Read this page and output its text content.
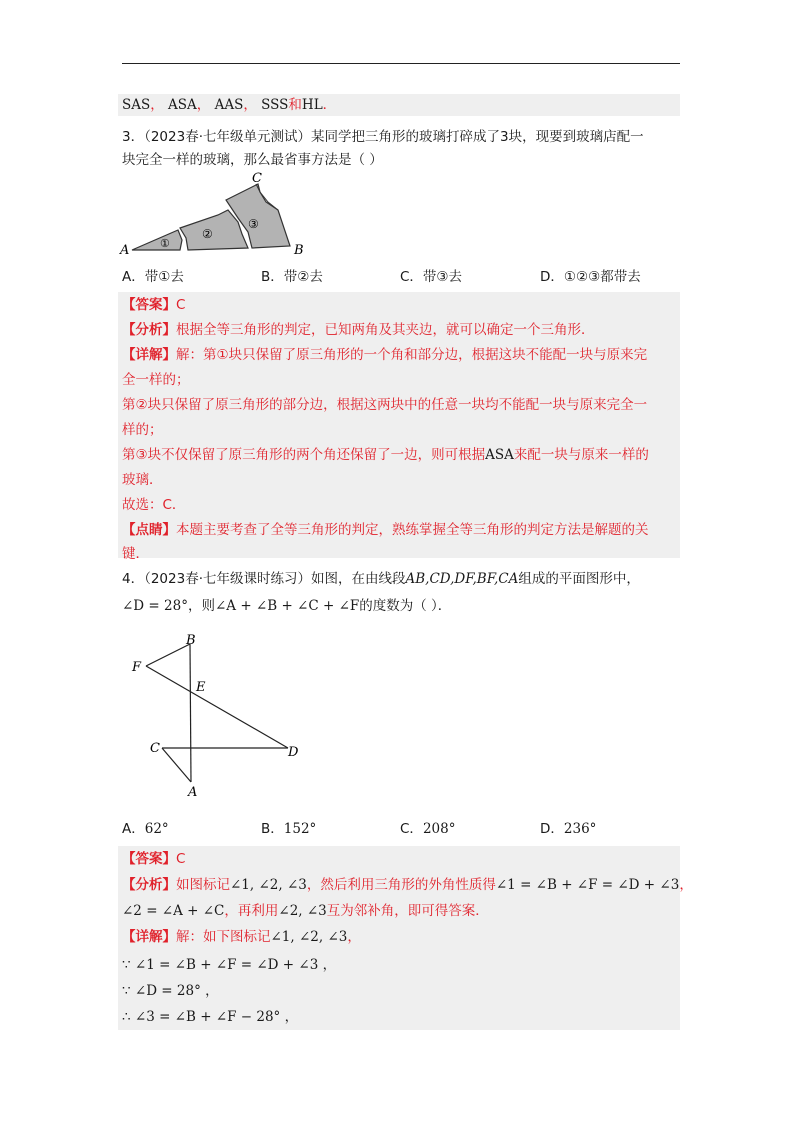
SAS， ASA， AAS， SSS和HL．
3．（2023春·七年级单元测试）某同学把三角形的玻璃打碎成了3块，现要到玻璃店配一
块完全一样的玻璃，那么最省事方法是（ ）
A	B
C
①
②
③
A．带①去	B．带②去	C．带③去	D．①②③都带去
【答案】C
【分析】根据全等三角形的判定，已知两角及其夹边，就可以确定一个三角形．
【详解】解：第①块只保留了原三角形的一个角和部分边，根据这块不能配一块与原来完
全一样的；
第②块只保留了原三角形的部分边，根据这两块中的任意一块均不能配一块与原来完全一
样的；
第③块不仅保留了原三角形的两个角还保留了一边，则可根据ASA来配一块与原来一样的
玻璃．
故选：C．
【点睛】本题主要考查了全等三角形的判定，熟练掌握全等三角形的判定方法是解题的关
键．
4．（2023春·七年级课时练习）如图，在由线段AB,CD,DF,BF,CA组成的平面图形中，
∠D = 28°，则∠A + ∠B + ∠C + ∠F的度数为（ ）．
B
F
E
C	D
A
A．62°	B．152°	C．208°	D．236°
【答案】C
【分析】如图标记∠1, ∠2, ∠3，然后利用三角形的外角性质得∠1 = ∠B + ∠F = ∠D + ∠3，
∠2 = ∠A + ∠C，再利用∠2, ∠3互为邻补角，即可得答案．
【详解】解：如下图标记∠1, ∠2, ∠3，
∵ ∠1 = ∠B + ∠F = ∠D + ∠3 ，
∵ ∠D = 28° ，
∴ ∠3 = ∠B + ∠F − 28° ，
